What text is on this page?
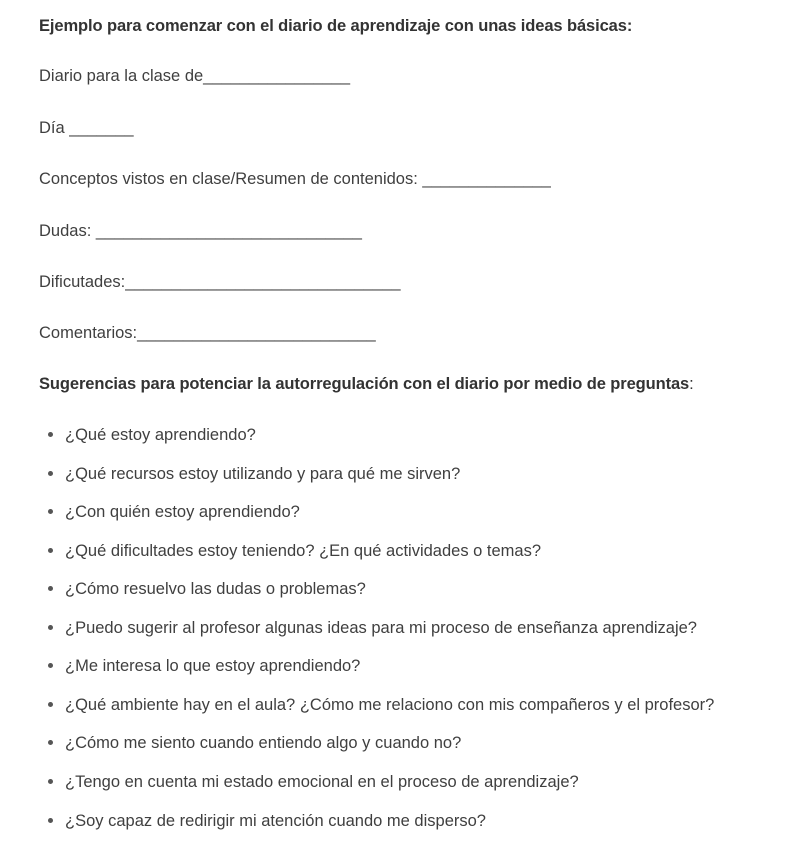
Ejemplo para comenzar con el diario de aprendizaje con unas ideas básicas:
Diario para la clase de________________
Día _______
Conceptos vistos en clase/Resumen de contenidos: ______________
Dudas: _____________________________
Dificutades:______________________________
Comentarios:__________________________
Sugerencias para potenciar la autorregulación con el diario por medio de preguntas:
¿Qué estoy aprendiendo?
¿Qué recursos estoy utilizando y para qué me sirven?
¿Con quién estoy aprendiendo?
¿Qué dificultades estoy teniendo? ¿En qué actividades o temas?
¿Cómo resuelvo las dudas o problemas?
¿Puedo sugerir al profesor algunas ideas para mi proceso de enseñanza aprendizaje?
¿Me interesa lo que estoy aprendiendo?
¿Qué ambiente hay en el aula? ¿Cómo me relaciono con mis compañeros y el profesor?
¿Cómo me siento cuando entiendo algo y cuando no?
¿Tengo en cuenta mi estado emocional en el proceso de aprendizaje?
¿Soy capaz de redirigir mi atención cuando me disperso?
